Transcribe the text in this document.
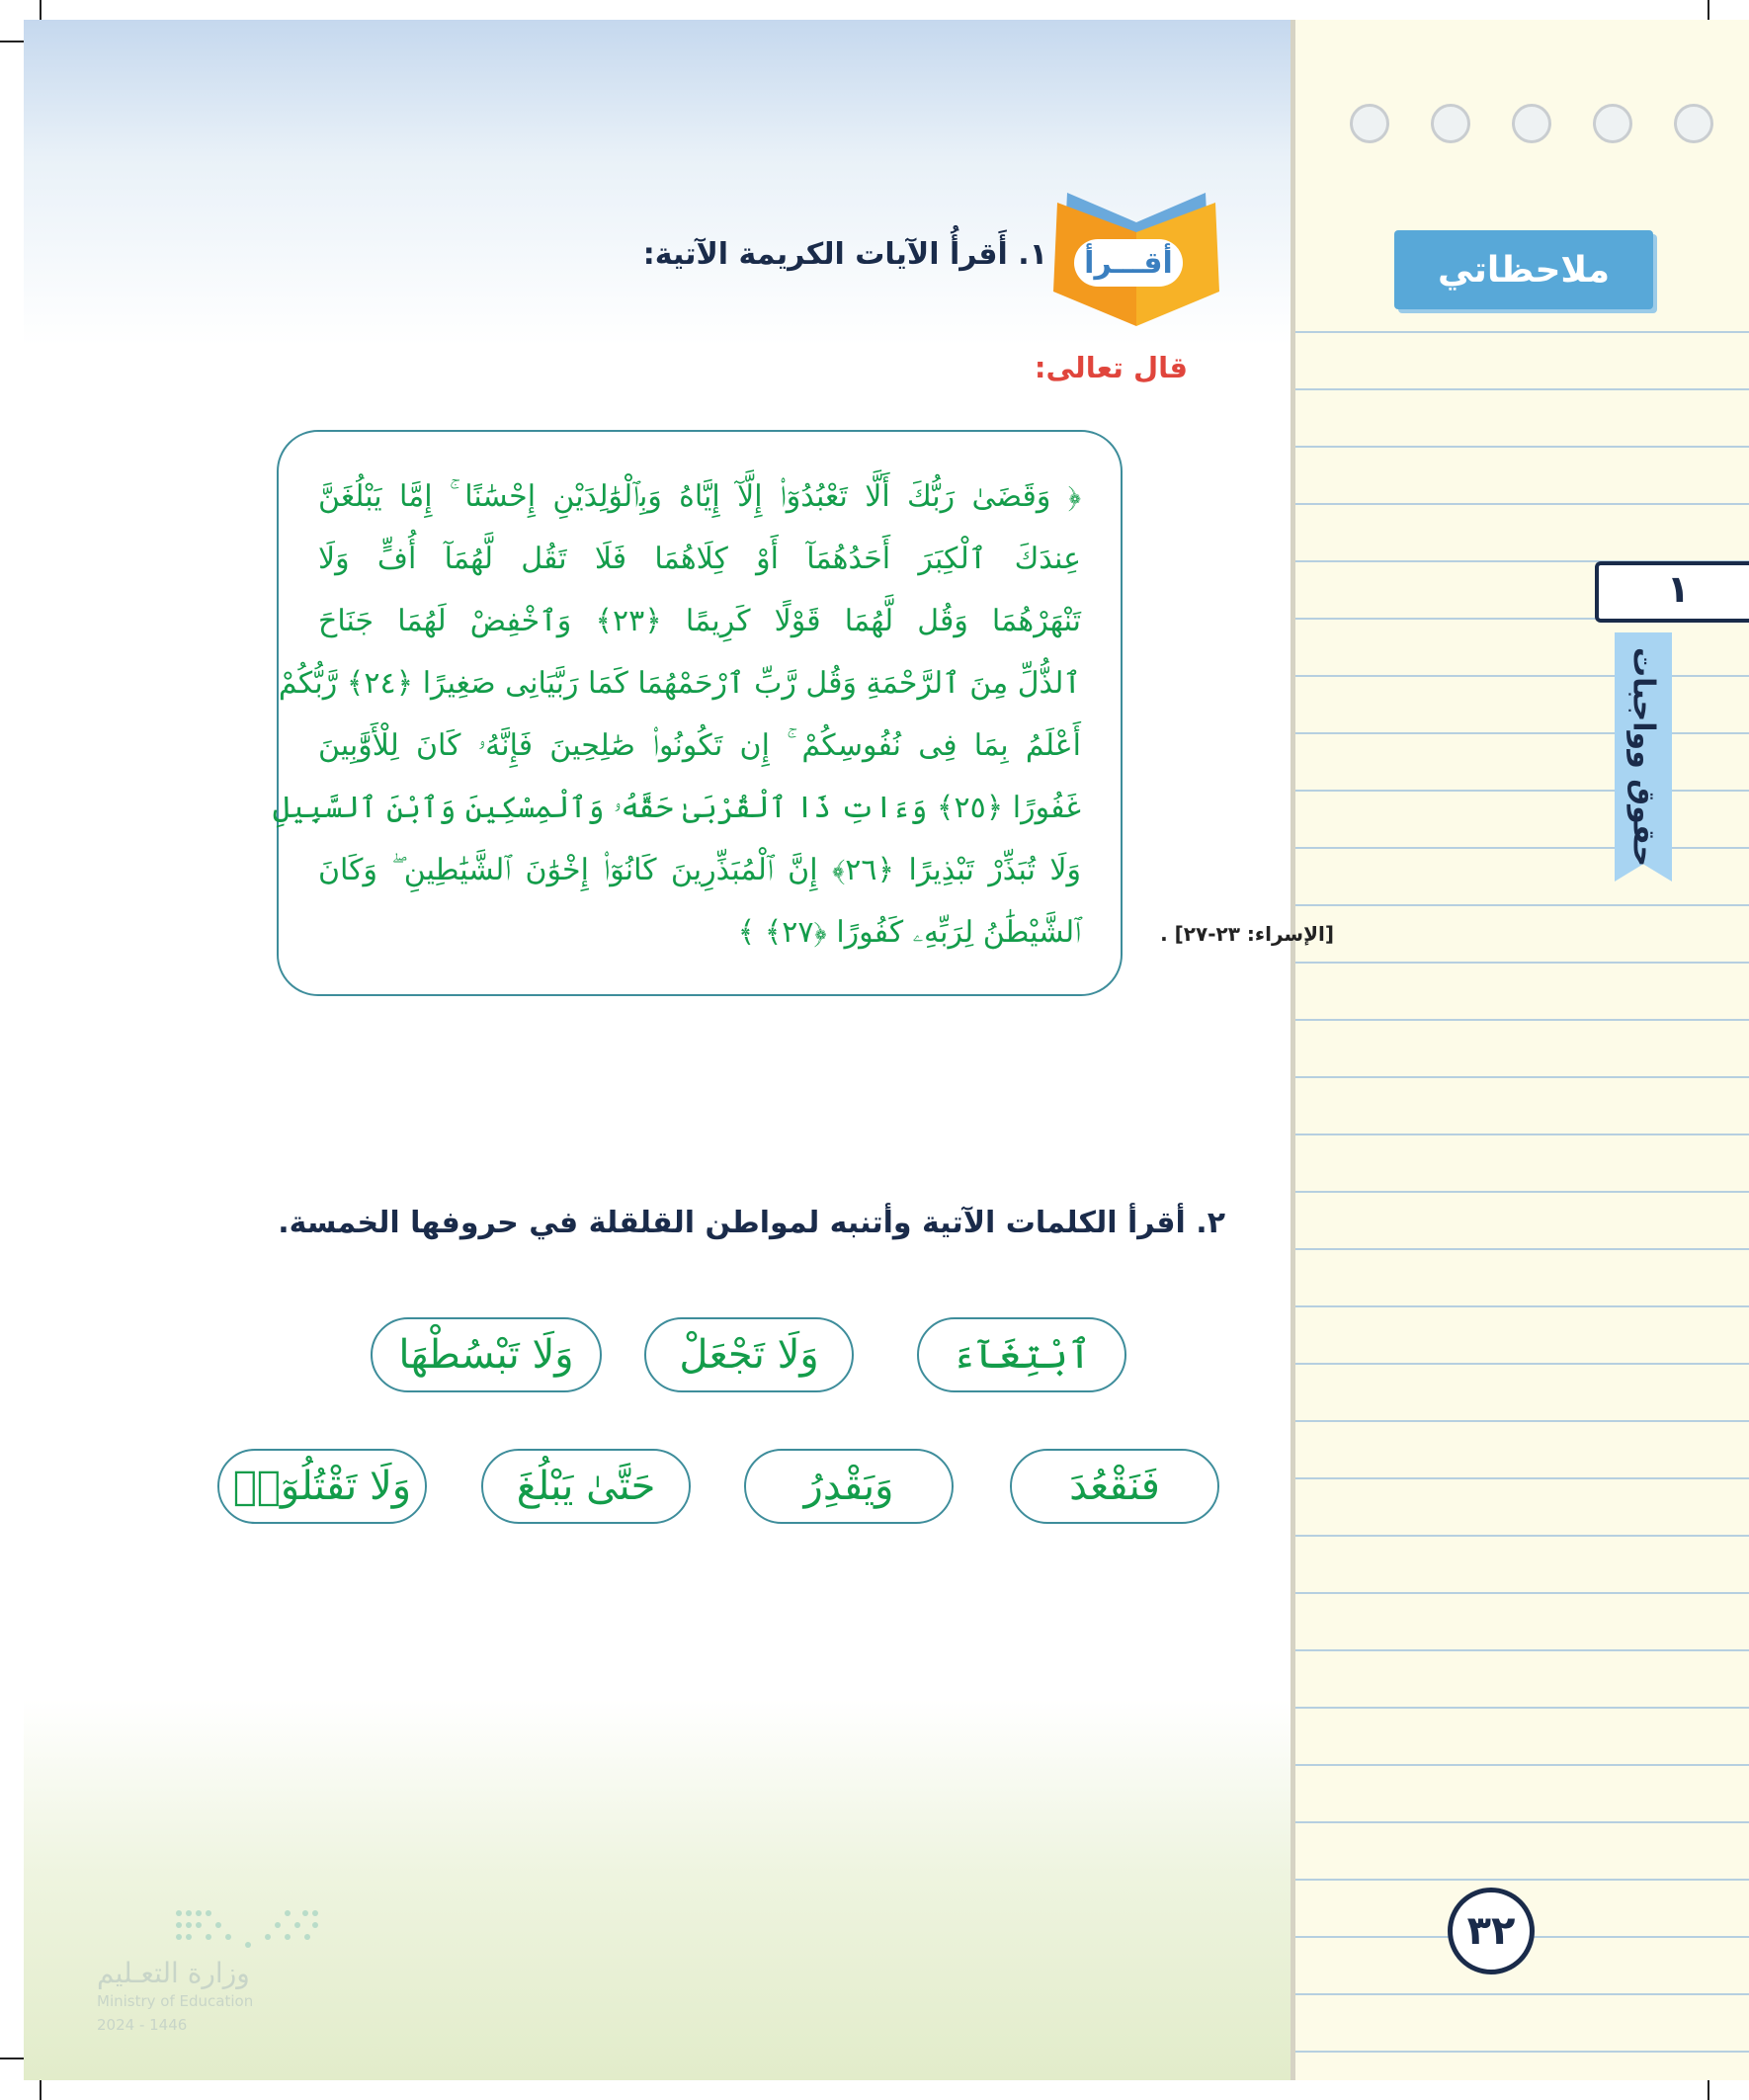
ملاحظاتي
١
حقوق وواجبات
٣٢
أقـــرأ
١. أَقرأُ الآيات الكريمة الآتية:
قال تعالى:
﴿ وَقَضَىٰ رَبُّكَ أَلَّا تَعْبُدُوٓا۟ إِلَّآ إِيَّاهُ وَبِٱلْوَٰلِدَيْنِ إِحْسَٰنًا ۚ إِمَّا يَبْلُغَنَّ
عِندَكَ ٱلْكِبَرَ أَحَدُهُمَآ أَوْ كِلَاهُمَا فَلَا تَقُل لَّهُمَآ أُفٍّ وَلَا
تَنْهَرْهُمَا وَقُل لَّهُمَا قَوْلًا كَرِيمًا ﴿٢٣﴾ وَٱخْفِضْ لَهُمَا جَنَاحَ
ٱلذُّلِّ مِنَ ٱلرَّحْمَةِ وَقُل رَّبِّ ٱرْحَمْهُمَا كَمَا رَبَّيَانِى صَغِيرًا ﴿٢٤﴾ رَّبُّكُمْ
أَعْلَمُ بِمَا فِى نُفُوسِكُمْ ۚ إِن تَكُونُوا۟ صَٰلِحِينَ فَإِنَّهُۥ كَانَ لِلْأَوَّٰبِينَ
غَفُورًا ﴿٢٥﴾ وَءَاتِ ذَا ٱلْقُرْبَىٰ حَقَّهُۥ وَٱلْمِسْكِينَ وَٱبْنَ ٱلسَّبِيلِ
وَلَا تُبَذِّرْ تَبْذِيرًا ﴿٢٦﴾ إِنَّ ٱلْمُبَذِّرِينَ كَانُوٓا۟ إِخْوَٰنَ ٱلشَّيَٰطِينِ ۖ وَكَانَ
ٱلشَّيْطَٰنُ لِرَبِّهِۦ كَفُورًا ﴿٢٧﴾ ﴾	[الإسراء: ٢٣-٢٧] .
٢. أقرأ الكلمات الآتية وأتنبه لمواطن القلقلة في حروفها الخمسة.
ٱبْتِغَآءَ
وَلَا تَجْعَلْ
وَلَا تَبْسُطْهَا
فَنَقْعُدَ
وَيَقْدِرُ
حَتَّىٰ يَبْلُغَ
وَلَا تَقْتُلُوٓا۟
وزارة التعـليم
Ministry of Education
2024 - 1446
